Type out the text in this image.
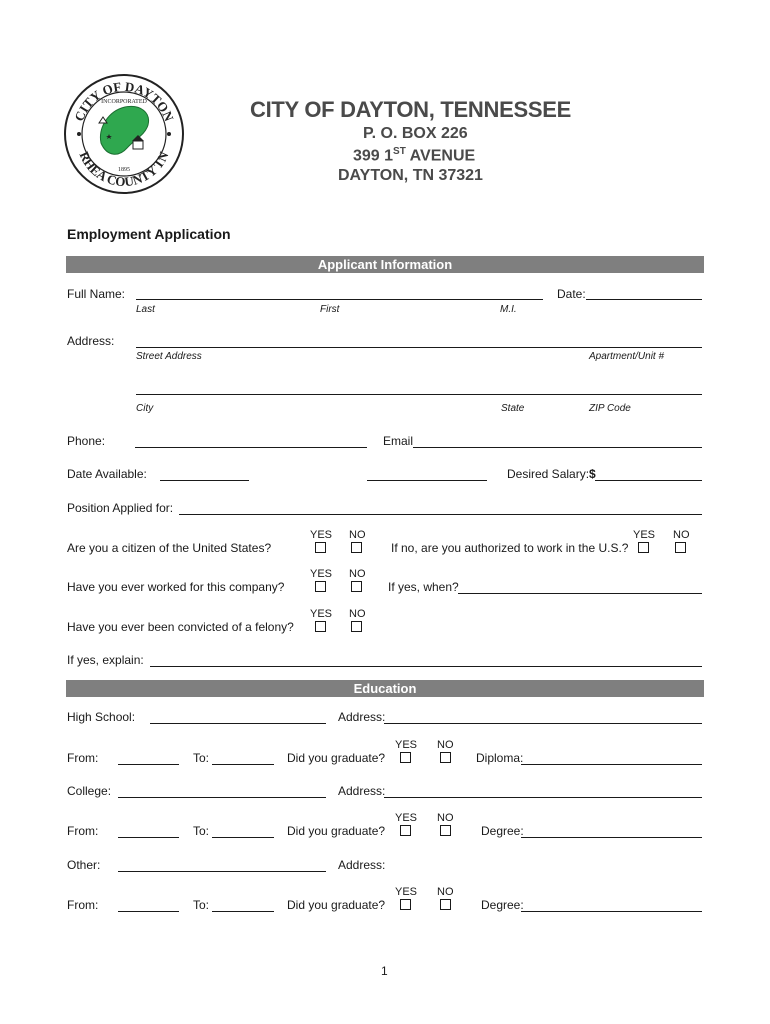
CITY OF DAYTON
RHEA COUNTY TN
INCORPORATED
1895
CITY OF DAYTON, TENNESSEE
P. O. BOX 226
399 1ST AVENUE
DAYTON, TN 37321
Employment Application
Applicant Information
Full Name:	Date:
Last	First	M.I.
Address:
Street Address	Apartment/Unit #
City	State	ZIP Code
Phone:	Email
Date Available:	Desired Salary:$
Position Applied for:
YES NO
Are you a citizen of the United States?
YES NO
If no, are you authorized to work in the U.S.?
YES NO
Have you ever worked for this company?	If yes, when?
YES NO
Have you ever been convicted of a felony?
If yes, explain:
Education
High School:	Address:
YES NO
From:	To:	Did you graduate?	Diploma:
College:	Address:
YES NO
From:	To:	Did you graduate?	Degree:
Other:	Address:
YES NO
From:	To:	Did you graduate?	Degree:
1
